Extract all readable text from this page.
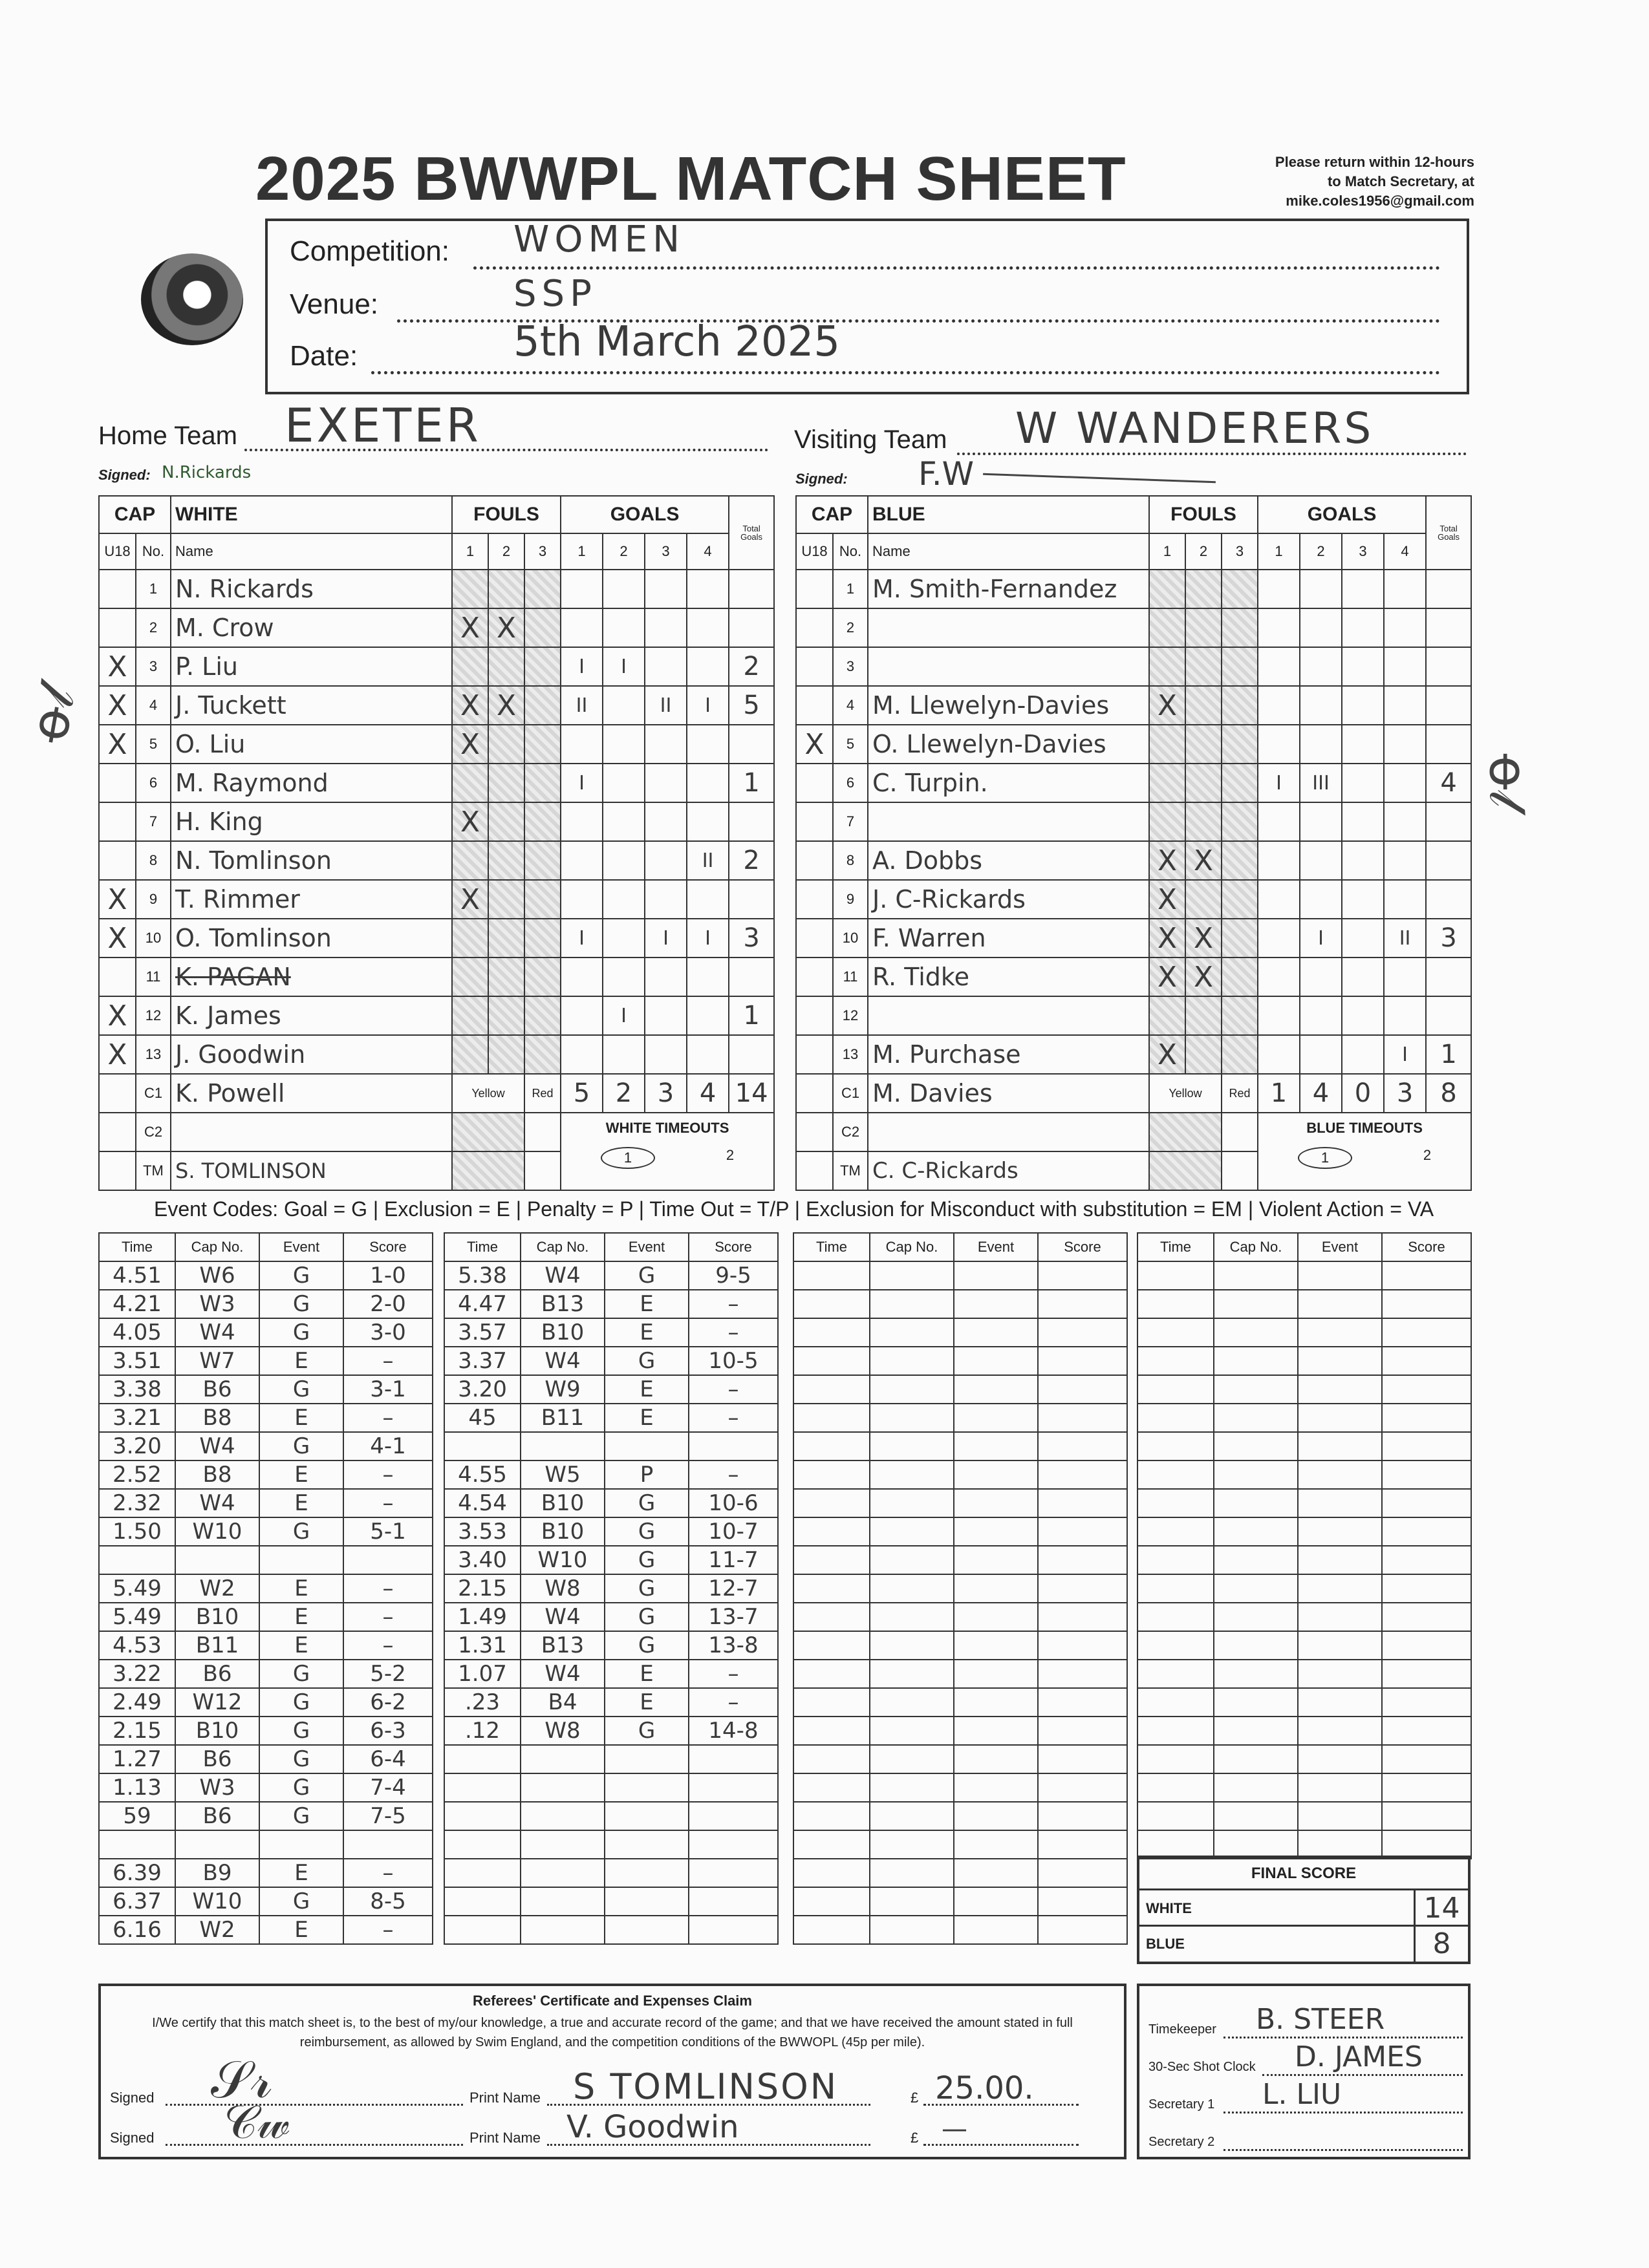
2025 BWWPL MATCH SHEET	Please return within 12-hours
to Match Secretary, at
mike.coles1956@gmail.com
Competition: WOMEN
Venue:	SSP
Date:	5th March 2025
Home Team EXETER
Signed: N.Rickards
Visiting Team W WANDERERS
Signed: F.W
CAP		WHITE	FOULS			GOALS				Total Goals
U18	No.	Name	1	2	3	1	2	3	4	
	1	N. Rickards								
	2	M. Crow	X	X						
X	3	P. Liu				I	I			2
X	4	J. Tuckett	X	X		II		II	I	5
X	5	O. Liu	X							
	6	M. Raymond				I				1
	7	H. King	X							
	8	N. Tomlinson							II	2
X	9	T. Rimmer	X							
X	10	O. Tomlinson				I		I	I	3
	11	K. PAGAN								
X	12	K. James					I			1
X	13	J. Goodwin								
	C1	K. Powell	Yellow		Red	5	2	3	4	14
	C2					WHITE TIMEOUTS
1 2				

	TM	S. TOMLINSON								
CAP		BLUE	FOULS			GOALS				Total Goals
U18	No.	Name	1	2	3	1	2	3	4	
	1	M. Smith-Fernandez								
	2									
	3									
	4	M. Llewelyn-Davies	X							
X	5	O. Llewelyn-Davies								
	6	C. Turpin.				I	III			4
	7									
	8	A. Dobbs	X	X						
	9	J. C-Rickards	X							
	10	F. Warren	X	X			I		II	3
	11	R. Tidke	X	X						
	12									
	13	M. Purchase	X						I	1
	C1	M. Davies	Yellow		Red	1	4	0	3	8
	C2					BLUE TIMEOUTS
1 2				

	TM	C. C-Rickards								
ꝋ𝓁
ꝋ𝓁
Event Codes: Goal = G | Exclusion = E | Penalty = P | Time Out = T/P | Exclusion for Misconduct with substitution = EM | Violent Action = VA
Time	Cap No.	Event	Score
4.51	W6	G	1-0
4.21	W3	G	2-0
4.05	W4	G	3-0
3.51	W7	E	–
3.38	B6	G	3-1
3.21	B8	E	–
3.20	W4	G	4-1
2.52	B8	E	–
2.32	W4	E	–
1.50	W10	G	5-1

5.49	W2	E	–
5.49	B10	E	–
4.53	B11	E	–
3.22	B6	G	5-2
2.49	W12	G	6-2
2.15	B10	G	6-3
1.27	B6	G	6-4
1.13	W3	G	7-4
59	B6	G	7-5

6.39	B9	E	–
6.37	W10	G	8-5
6.16	W2	E	–
Time	Cap No.	Event	Score
5.38	W4	G	9-5
4.47	B13	E	–
3.57	B10	E	–
3.37	W4	G	10-5
3.20	W9	E	–
45	B11	E	–

4.55	W5	P	–
4.54	B10	G	10-6
3.53	B10	G	10-7
3.40	W10	G	11-7
2.15	W8	G	12-7
1.49	W4	G	13-7
1.31	B13	G	13-8
1.07	W4	E	–
.23	B4	E	–
.12	W8	G	14-8

Time	Cap No.	Event	Score

				Time	Cap No.	Event	Score

FINAL SCORE
WHITE	14
BLUE	8
Referees' Certificate and Expenses Claim
I/We certify that this match sheet is, to the best of my/our knowledge, a true and accurate record of the game; and that we have received the amount stated in full reimbursement, as allowed by Swim England, and the competition conditions of the BWWOPL (45p per mile).
Signed 𝒮𝓇	Print Name S TOMLINSON	£ 25.00.
Signed 𝒞𝓌	Print Name V. Goodwin	£ —
Timekeeper B. STEER
30-Sec Shot Clock D. JAMES
Secretary 1 L. LIU
Secretary 2
